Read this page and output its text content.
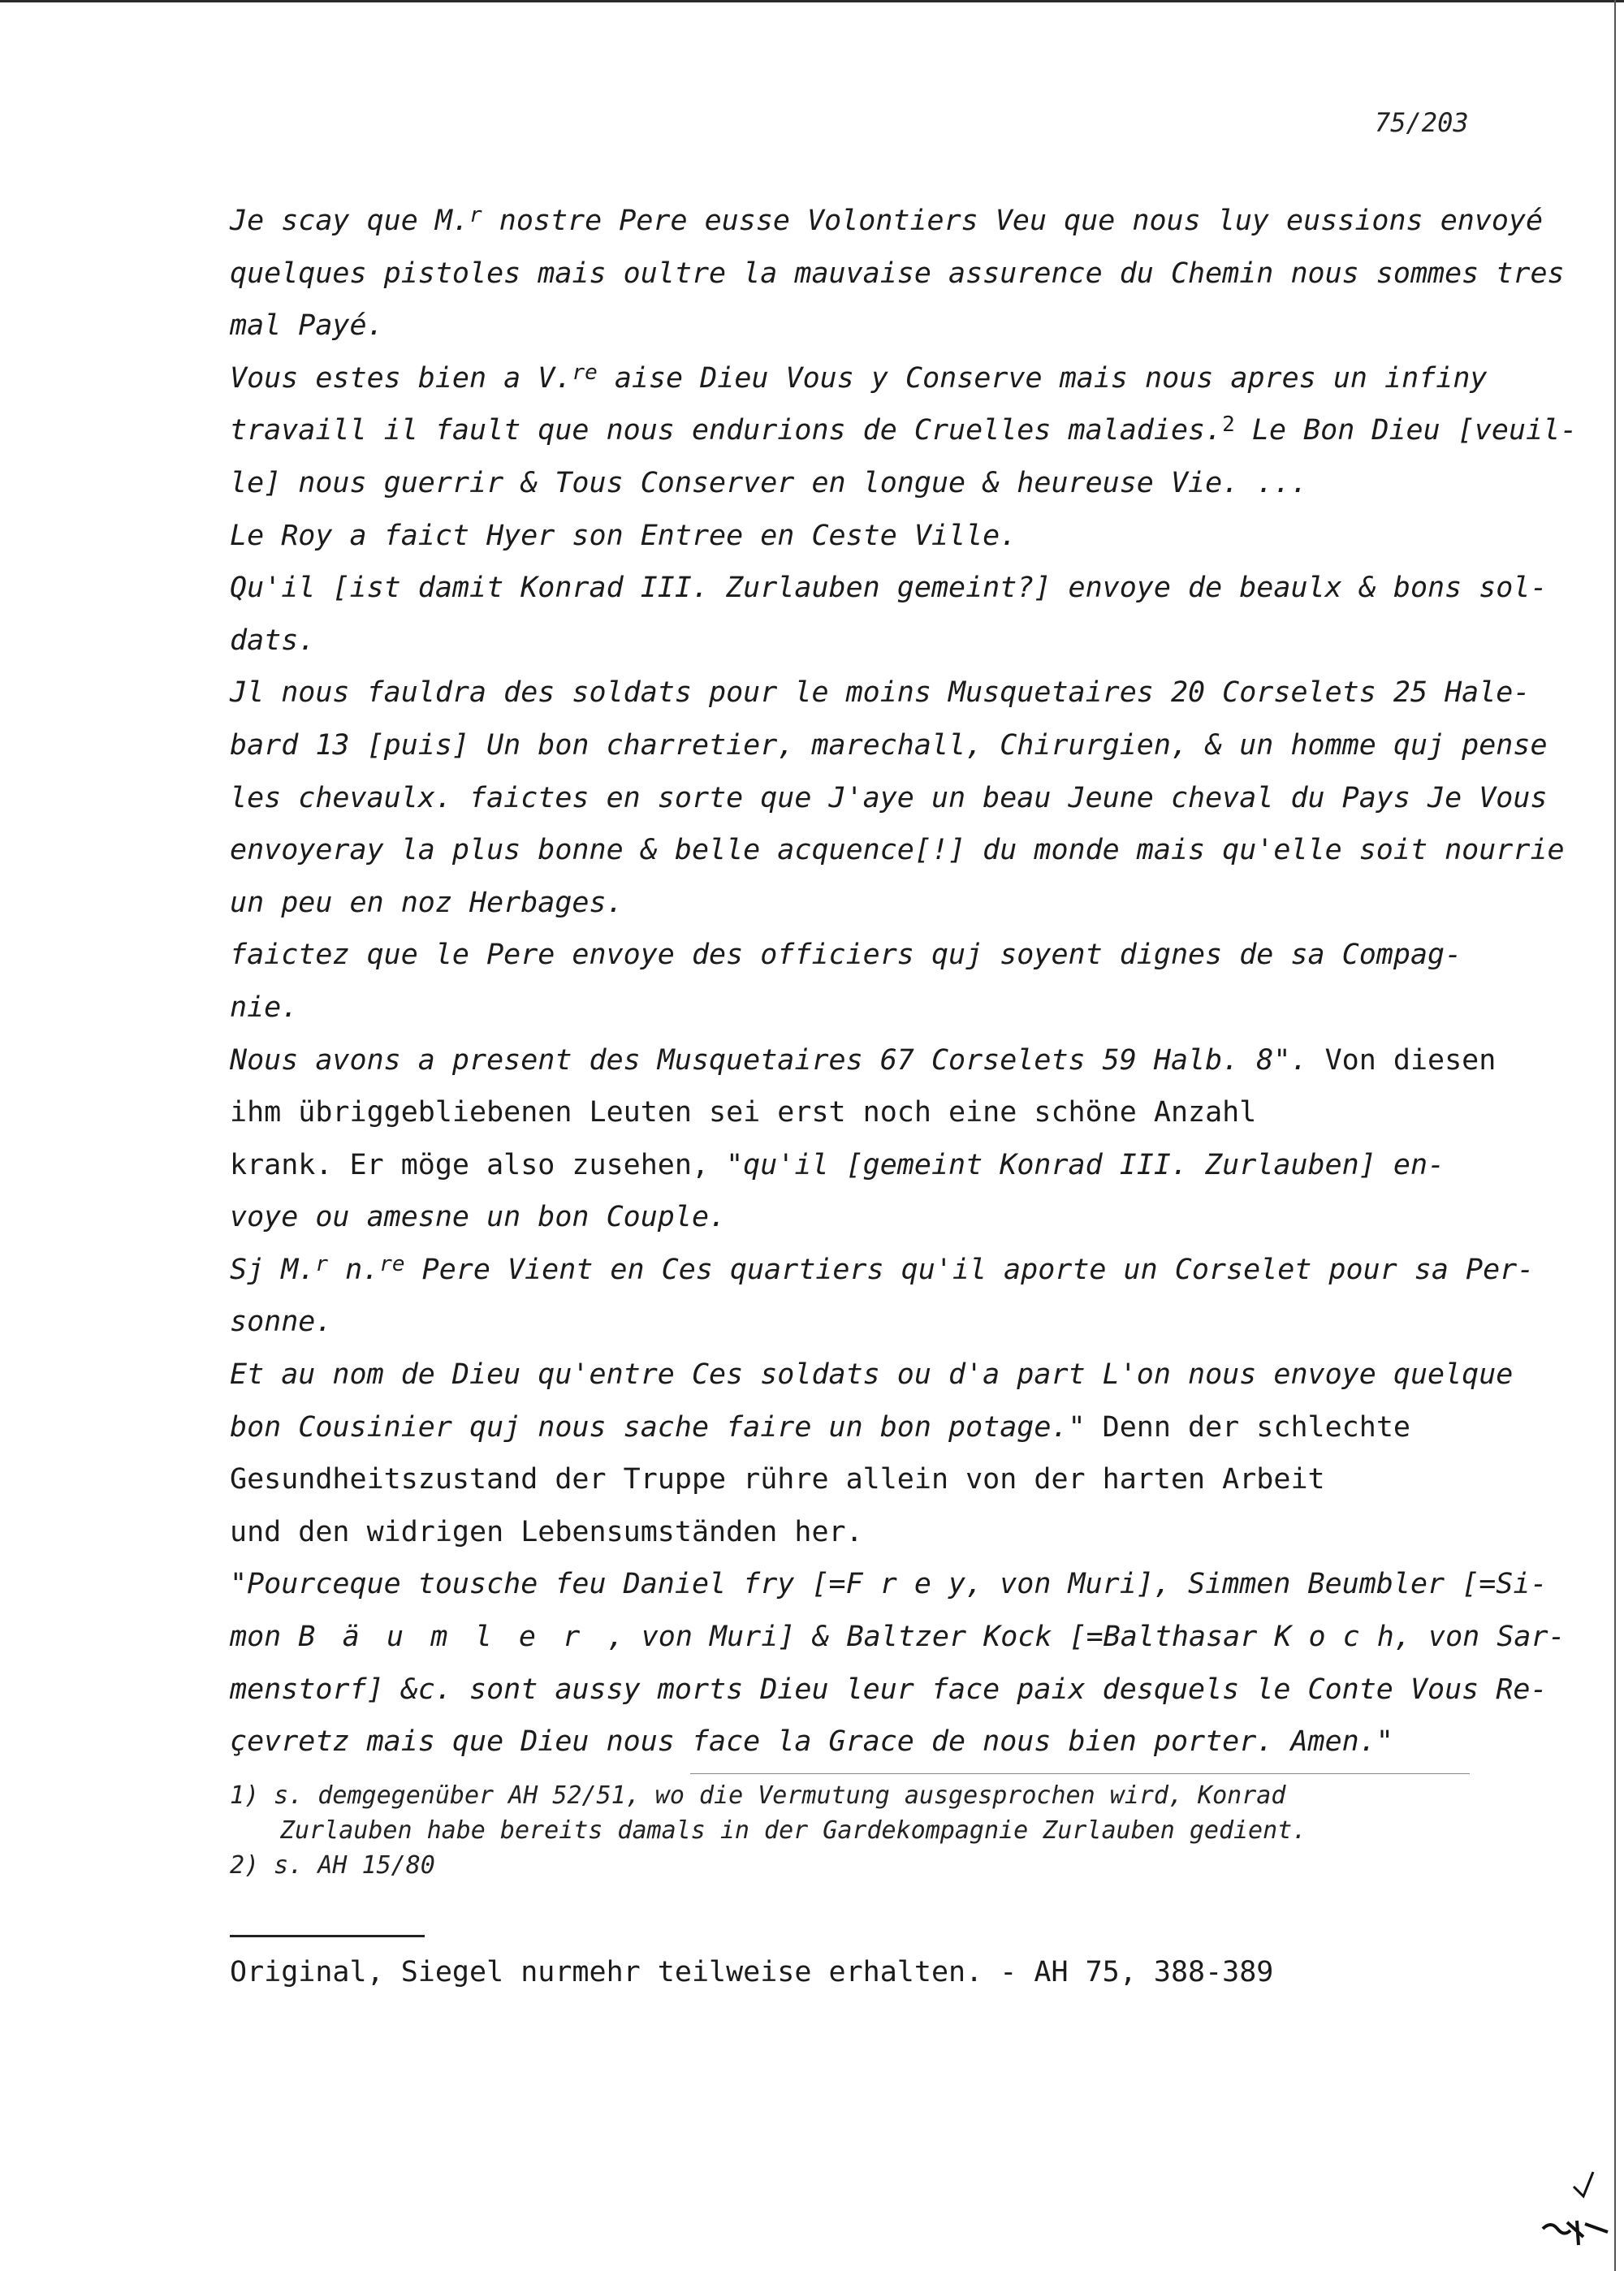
75/203
Je scay que M.$^r$ nostre Pere eusse Volontiers Veu que nous luy eussions envoyé
quelques pistoles mais oultre la mauvaise assurence du Chemin nous sommes tres
mal Payé.
Vous estes bien a V.$^{re}$ aise Dieu Vous y Conserve mais nous apres un infiny
travaill il fault que nous endurions de Cruelles maladies.$^2$ Le Bon Dieu [veuil-
le] nous guerrir & Tous Conserver en longue & heureuse Vie. ...
Le Roy a faict Hyer son Entree en Ceste Ville.
Qu'il [ist damit Konrad III. Zurlauben gemeint?] envoye de beaulx & bons sol-
dats.
Jl nous fauldra des soldats pour le moins Musquetaires 20 Corselets 25 Hale-
bard 13 [puis] Un bon charretier, marechall, Chirurgien, & un homme quj pense
les chevaulx. faictes en sorte que J'aye un beau Jeune cheval du Pays Je Vous
envoyeray la plus bonne & belle acquence[!] du monde mais qu'elle soit nourrie
un peu en noz Herbages.
faictez que le Pere envoye des officiers quj soyent dignes de sa Compag-
nie.
Nous avons a present des Musquetaires 67 Corselets 59 Halb. 8". Von diesen
ihm übriggebliebenen Leuten sei erst noch eine schöne Anzahl
krank. Er möge also zusehen, "qu'il [gemeint Konrad III. Zurlauben] en-
voye ou amesne un bon Couple.
Sj M.$^r$ n.$^{re}$ Pere Vient en Ces quartiers qu'il aporte un Corselet pour sa Per-
sonne.
Et au nom de Dieu qu'entre Ces soldats ou d'a part L'on nous envoye quelque
bon Cousinier quj nous sache faire un bon potage." Denn der schlechte
Gesundheitszustand der Truppe rühre allein von der harten Arbeit
und den widrigen Lebensumständen her.
"Pourceque tousche feu Daniel fry [=F r e y, von Muri], Simmen Beumbler [=Si-
mon Bäumler, von Muri] & Baltzer Kock [=Balthasar K o c h, von Sar-
menstorf] &c. sont aussy morts Dieu leur face paix desquels le Conte Vous Re-
çevretz mais que Dieu nous face la Grace de nous bien porter. Amen."
1) s. demgegenüber AH 52/51, wo die Vermutung ausgesprochen wird, Konrad
Zurlauben habe bereits damals in der Gardekompagnie Zurlauben gedient.
2) s. AH 15/80
Original, Siegel nurmehr teilweise erhalten. - AH 75, 388-389
